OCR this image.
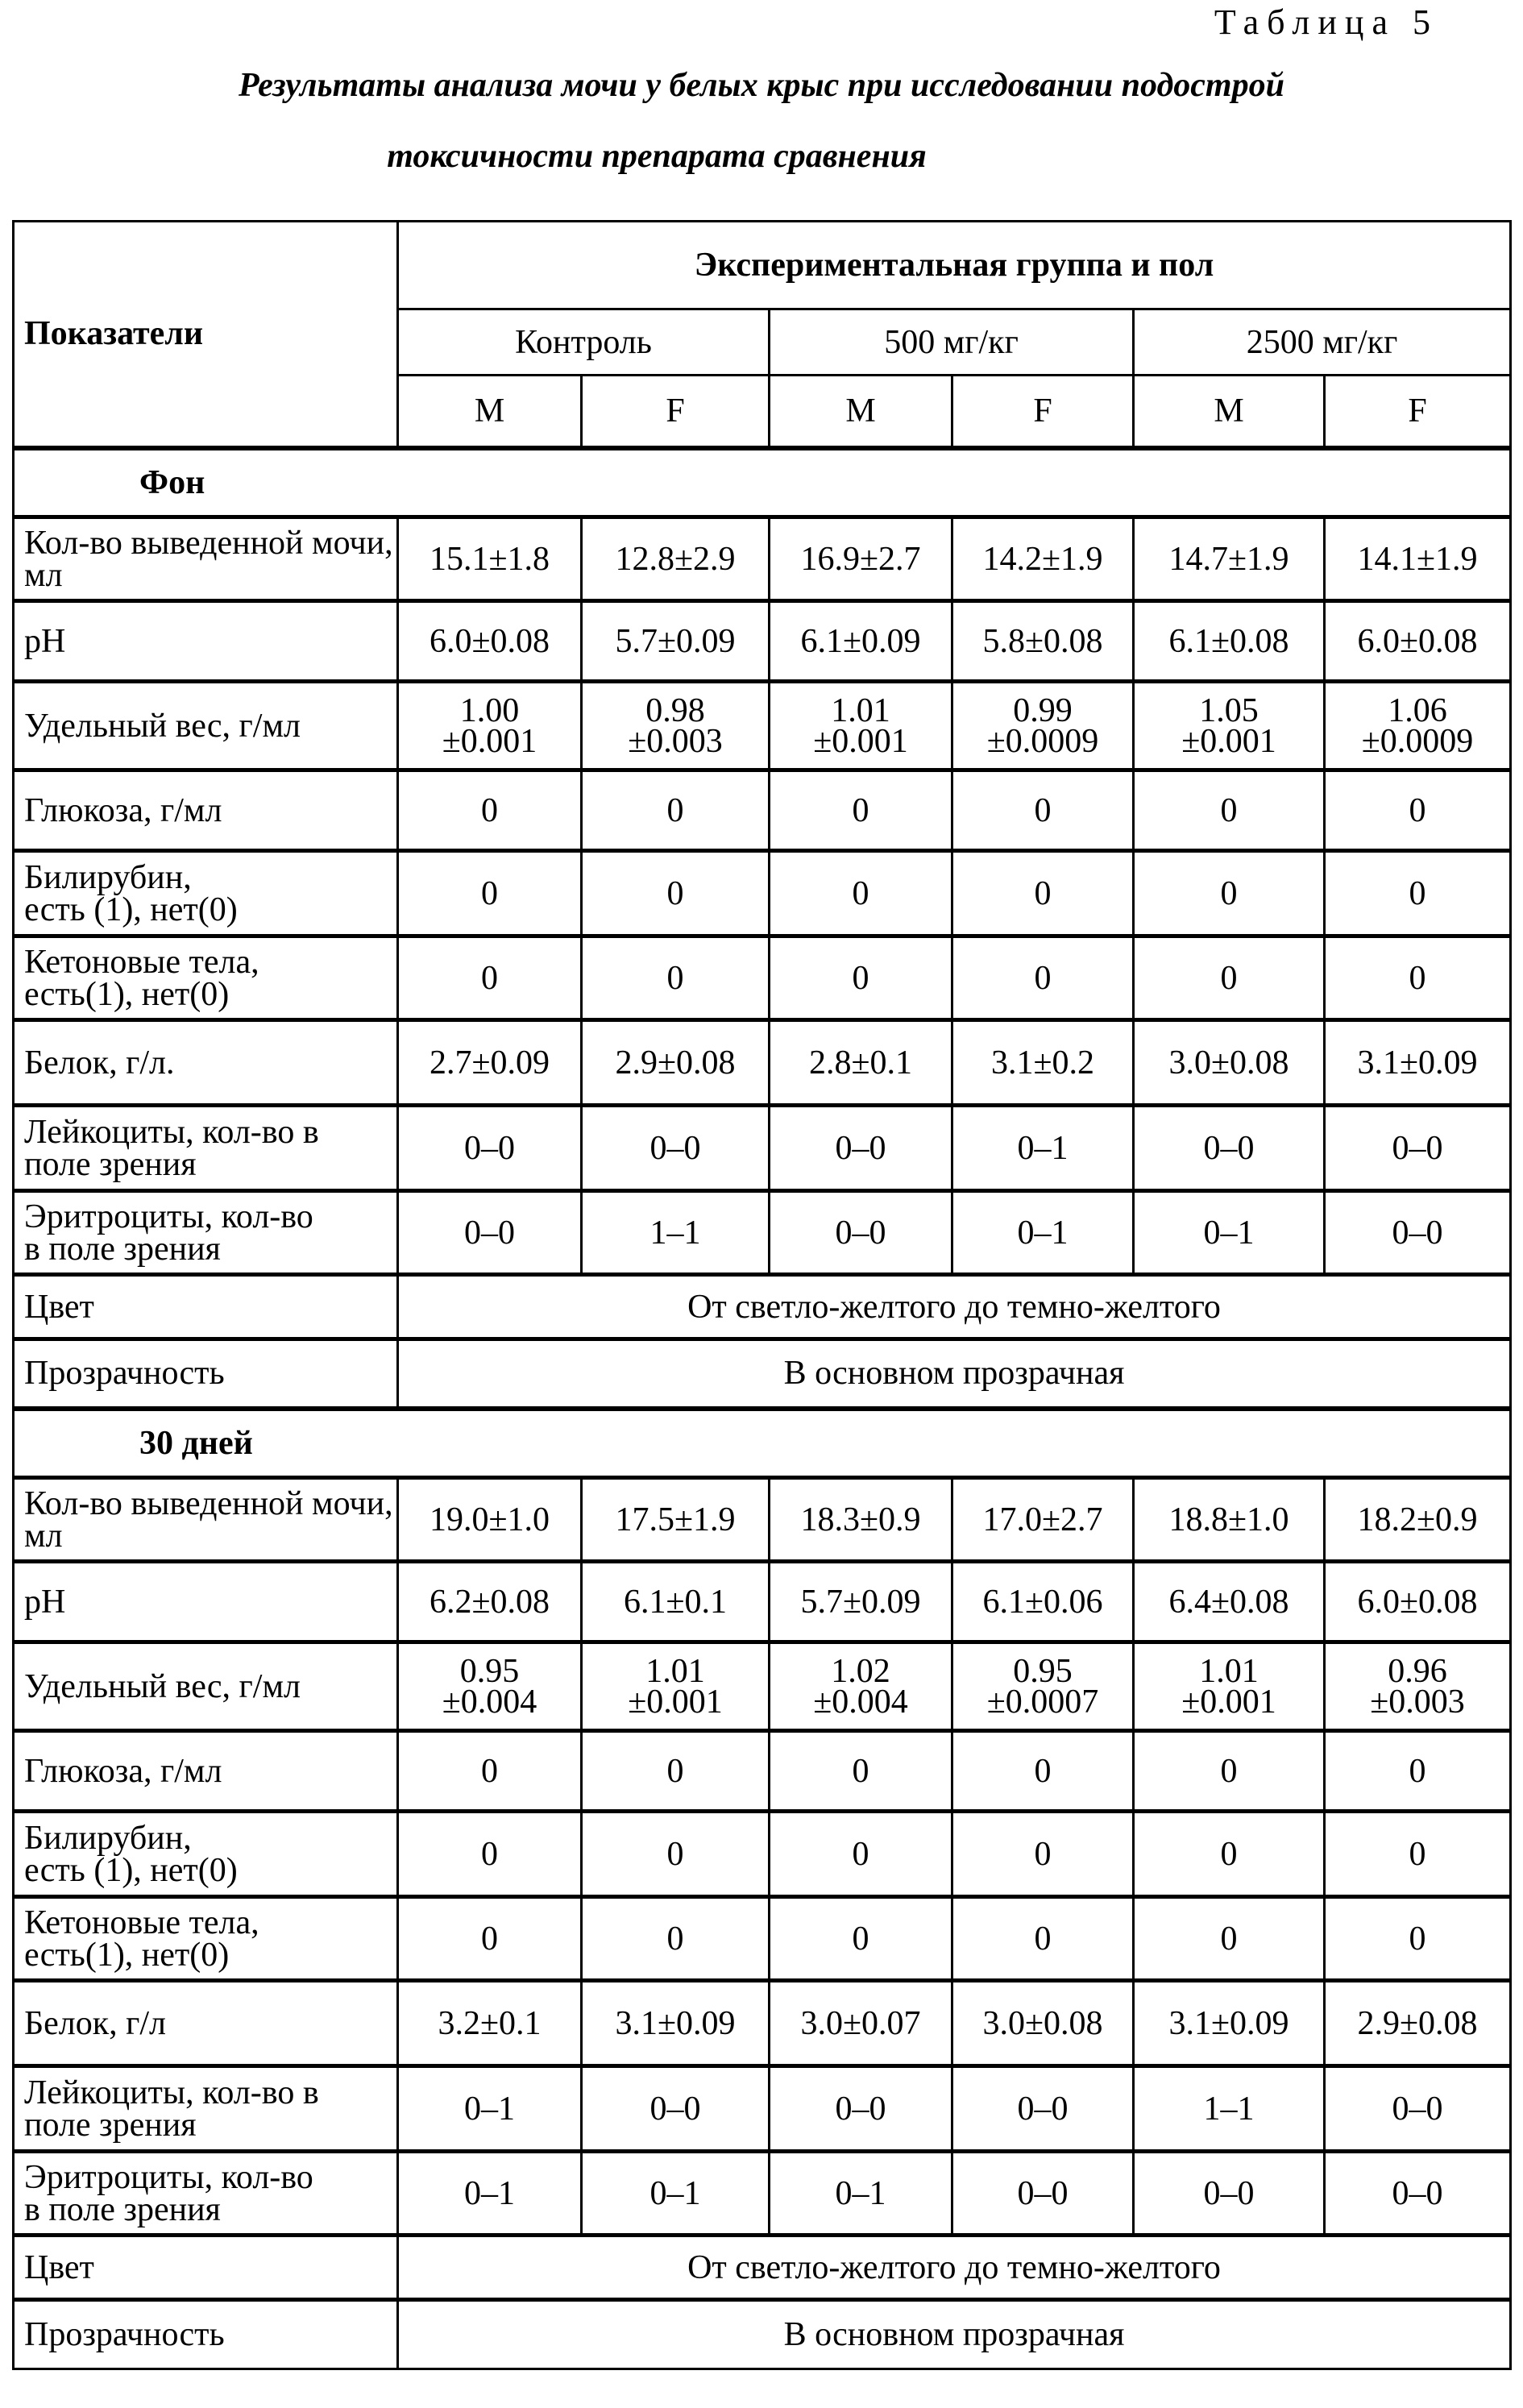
Таблица 5
Результаты анализа мочи у белых крыс при исследовании подострой
токсичности препарата сравнения
Показатели	Экспериментальная группа и пол
Контроль	500 мг/кг	2500 мг/кг
M	F	M	F	M	F
Фон
Кол-во выведенной мочи, мл	15.1±1.8	12.8±2.9	16.9±2.7	14.2±1.9	14.7±1.9	14.1±1.9
pH	6.0±0.08	5.7±0.09	6.1±0.09	5.8±0.08	6.1±0.08	6.0±0.08
Удельный вес, г/мл	1.00
±0.001

0.98
±0.003

1.01
±0.001

0.99
±0.0009

1.05
±0.001

1.06
±0.0009

Глюкоза, г/мл	0	0	0	0	0	0

Билирубин,
есть (1), нет(0)	0	0	0	0	0	0

Кетоновые тела,
есть(1), нет(0)	0	0	0	0	0	0
Белок, г/л.	2.7±0.09	2.9±0.08	2.8±0.1	3.1±0.2	3.0±0.08	3.1±0.09

Лейкоциты, кол-во в
поле зрения	0–0	0–0	0–0	0–1	0–0	0–0

Эритроциты, кол-во
в поле зрения	0–0	1–1	0–0	0–1	0–1	0–0
Цвет	От светло-желтого до темно-желтого
Прозрачность	В основном прозрачная
30 дней
Кол-во выведенной мочи, мл	19.0±1.0	17.5±1.9	18.3±0.9	17.0±2.7	18.8±1.0	18.2±0.9
pH	6.2±0.08	6.1±0.1	5.7±0.09	6.1±0.06	6.4±0.08	6.0±0.08
Удельный вес, г/мл	0.95
±0.004

1.01
±0.001

1.02
±0.004

0.95
±0.0007

1.01
±0.001

0.96
±0.003

Глюкоза, г/мл	0	0	0	0	0	0

Билирубин,
есть (1), нет(0)	0	0	0	0	0	0

Кетоновые тела,
есть(1), нет(0)	0	0	0	0	0	0
Белок, г/л	3.2±0.1	3.1±0.09	3.0±0.07	3.0±0.08	3.1±0.09	2.9±0.08

Лейкоциты, кол-во в
поле зрения	0–1	0–0	0–0	0–0	1–1	0–0

Эритроциты, кол-во
в поле зрения	0–1	0–1	0–1	0–0	0–0	0–0
Цвет	От светло-желтого до темно-желтого
Прозрачность	В основном прозрачная
